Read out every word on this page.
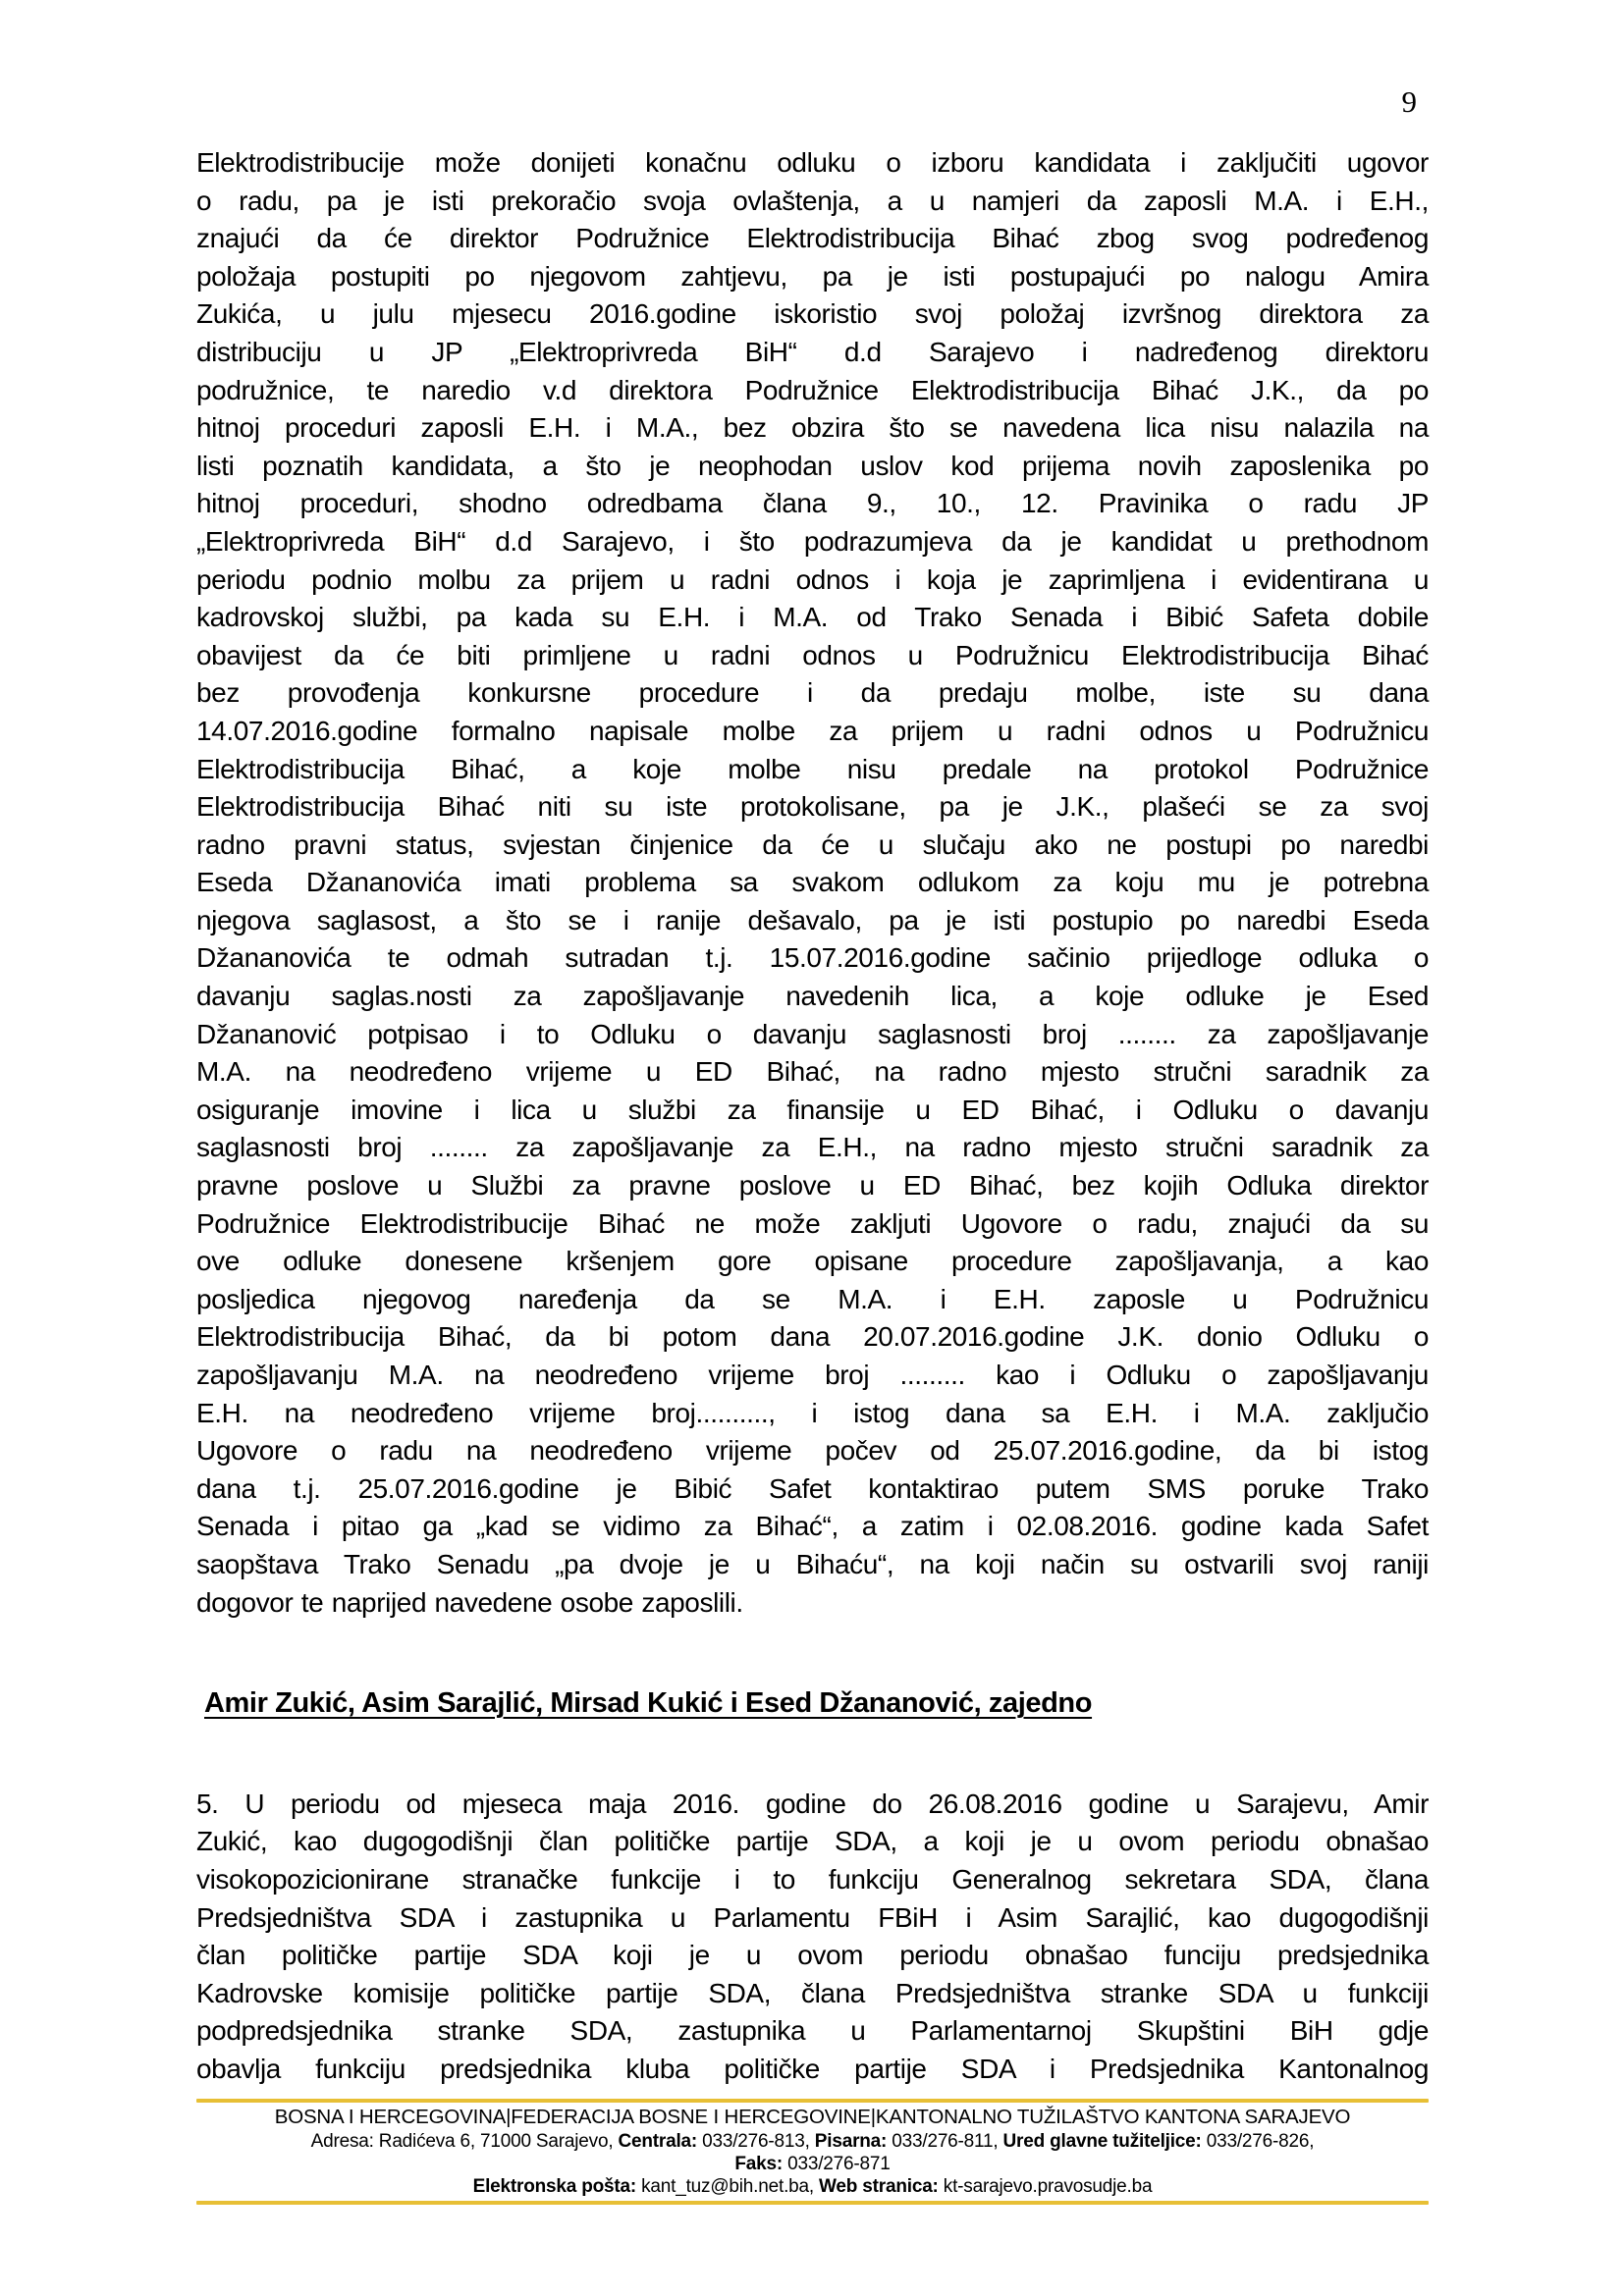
9
Elektrodistribucije može donijeti konačnu odluku o izboru kandidata i zaključiti ugovor
o radu, pa je isti prekoračio svoja ovlaštenja, a u namjeri da zaposli M.A. i E.H.,
znajući da će direktor Podružnice Elektrodistribucija Bihać zbog svog podređenog
položaja postupiti po njegovom zahtjevu, pa je isti postupajući po nalogu Amira
Zukića, u julu mjesecu 2016.godine iskoristio svoj položaj izvršnog direktora za
distribuciju u JP „Elektroprivreda BiH“ d.d Sarajevo i nadređenog direktoru
podružnice, te naredio v.d direktora Podružnice Elektrodistribucija Bihać J.K., da po
hitnoj proceduri zaposli E.H. i M.A., bez obzira što se navedena lica nisu nalazila na
listi poznatih kandidata, a što je neophodan uslov kod prijema novih zaposlenika po
hitnoj proceduri, shodno odredbama člana 9., 10., 12. Pravinika o radu JP
„Elektroprivreda BiH“ d.d Sarajevo, i što podrazumjeva da je kandidat u prethodnom
periodu podnio molbu za prijem u radni odnos i koja je zaprimljena i evidentirana u
kadrovskoj službi, pa kada su E.H. i M.A. od Trako Senada i Bibić Safeta dobile
obavijest da će biti primljene u radni odnos u Podružnicu Elektrodistribucija Bihać
bez provođenja konkursne procedure i da predaju molbe, iste su dana
14.07.2016.godine formalno napisale molbe za prijem u radni odnos u Podružnicu
Elektrodistribucija Bihać, a koje molbe nisu predale na protokol Podružnice
Elektrodistribucija Bihać niti su iste protokolisane, pa je J.K., plašeći se za svoj
radno pravni status, svjestan činjenice da će u slučaju ako ne postupi po naredbi
Eseda Džananovića imati problema sa svakom odlukom za koju mu je potrebna
njegova saglasost, a što se i ranije dešavalo, pa je isti postupio po naredbi Eseda
Džananovića te odmah sutradan t.j. 15.07.2016.godine sačinio prijedloge odluka o
davanju saglas.nosti za zapošljavanje navedenih lica, a koje odluke je Esed
Džananović potpisao i to Odluku o davanju saglasnosti broj ........ za zapošljavanje
M.A. na neodređeno vrijeme u ED Bihać, na radno mjesto stručni saradnik za
osiguranje imovine i lica u službi za finansije u ED Bihać, i Odluku o davanju
saglasnosti broj ........ za zapošljavanje za E.H., na radno mjesto stručni saradnik za
pravne poslove u Službi za pravne poslove u ED Bihać, bez kojih Odluka direktor
Podružnice Elektrodistribucije Bihać ne može zakljuti Ugovore o radu, znajući da su
ove odluke donesene kršenjem gore opisane procedure zapošljavanja, a kao
posljedica njegovog naređenja da se M.A. i E.H. zaposle u Podružnicu
Elektrodistribucija Bihać, da bi potom dana 20.07.2016.godine J.K. donio Odluku o
zapošljavanju M.A. na neodređeno vrijeme broj ......... kao i Odluku o zapošljavanju
E.H. na neodređeno vrijeme broj.........., i istog dana sa E.H. i M.A. zaključio
Ugovore o radu na neodređeno vrijeme počev od 25.07.2016.godine, da bi istog
dana t.j. 25.07.2016.godine je Bibić Safet kontaktirao putem SMS poruke Trako
Senada i pitao ga „kad se vidimo za Bihać“, a zatim i 02.08.2016. godine kada Safet
saopštava Trako Senadu „pa dvoje je u Bihaću“, na koji način su ostvarili svoj raniji
dogovor te naprijed navedene osobe zaposlili.
Amir Zukić, Asim Sarajlić, Mirsad Kukić i Esed Džananović, zajedno
5. U periodu od mjeseca maja 2016. godine do 26.08.2016 godine u Sarajevu, Amir
Zukić, kao dugogodišnji član političke partije SDA, a koji je u ovom periodu obnašao
visokopozicionirane stranačke funkcije i to funkciju Generalnog sekretara SDA, člana
Predsjedništva SDA i zastupnika u Parlamentu FBiH i Asim Sarajlić, kao dugogodišnji
član političke partije SDA koji je u ovom periodu obnašao funciju predsjednika
Kadrovske komisije političke partije SDA, člana Predsjedništva stranke SDA u funkciji
podpredsjednika stranke SDA, zastupnika u Parlamentarnoj Skupštini BiH gdje
obavlja funkciju predsjednika kluba političke partije SDA i Predsjednika Kantonalnog
BOSNA I HERCEGOVINA|FEDERACIJA BOSNE I HERCEGOVINE|KANTONALNO TUŽILAŠTVO KANTONA SARAJEVO
Adresa: Radićeva 6, 71000 Sarajevo, Centrala: 033/276-813, Pisarna: 033/276-811, Ured glavne tužiteljice: 033/276-826,
Faks: 033/276-871
Elektronska pošta: kant_tuz@bih.net.ba, Web stranica: kt-sarajevo.pravosudje.ba
